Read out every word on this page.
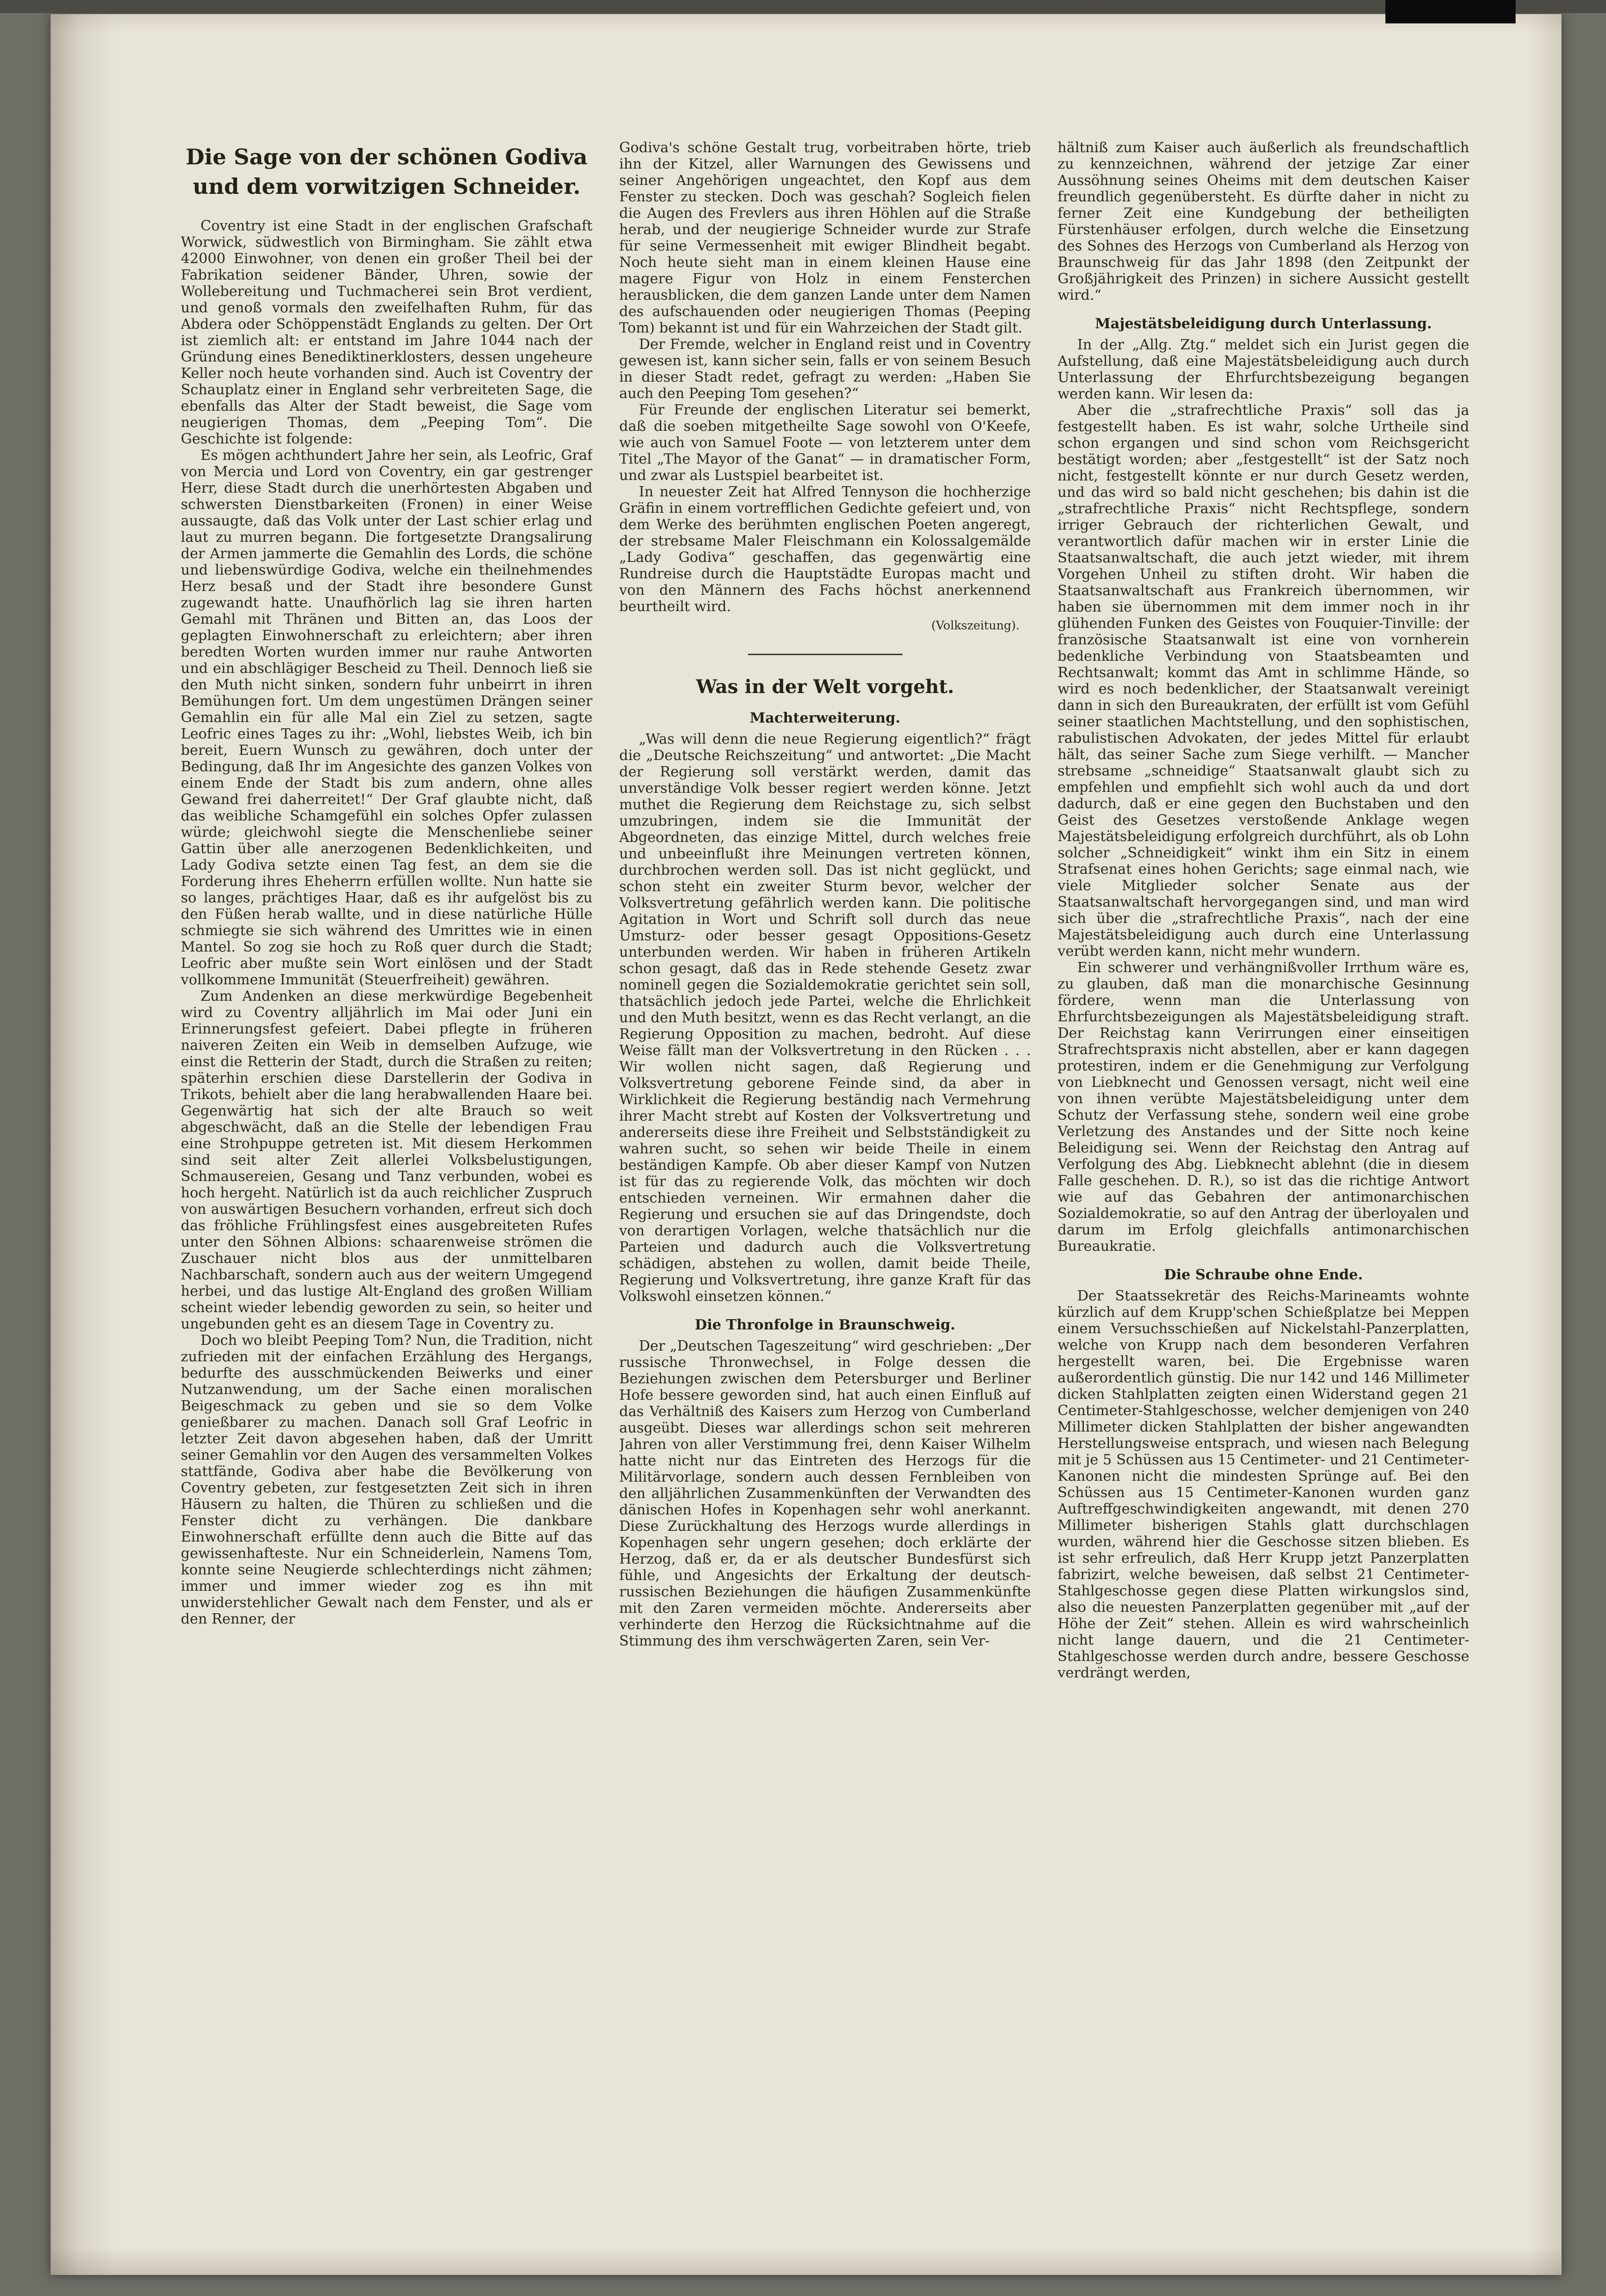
Die Sage von der schönen Godiva
und dem vorwitzigen Schneider.

Coventry ist eine Stadt in der englischen Grafschaft Worwick, südwestlich von Birmingham. Sie zählt etwa 42000 Einwohner, von denen ein großer Theil bei der Fabrikation seidener Bänder, Uhren, sowie der Wollebereitung und Tuchmacherei sein Brot verdient, und genoß vormals den zweifelhaften Ruhm, für das Abdera oder Schöppenstädt Englands zu gelten. Der Ort ist ziemlich alt: er entstand im Jahre 1044 nach der Gründung eines Benediktinerklosters, dessen ungeheure Keller noch heute vorhanden sind. Auch ist Coventry der Schauplatz einer in England sehr verbreiteten Sage, die ebenfalls das Alter der Stadt beweist, die Sage vom neugierigen Thomas, dem „Peeping Tom“. Die Geschichte ist folgende:

Es mögen achthundert Jahre her sein, als Leofric, Graf von Mercia und Lord von Coventry, ein gar gestrenger Herr, diese Stadt durch die unerhörtesten Abgaben und schwersten Dienstbarkeiten (Fronen) in einer Weise aussaugte, daß das Volk unter der Last schier erlag und laut zu murren begann. Die fortgesetzte Drangsalirung der Armen jammerte die Gemahlin des Lords, die schöne und liebenswürdige Godiva, welche ein theilnehmendes Herz besaß und der Stadt ihre besondere Gunst zugewandt hatte. Unaufhörlich lag sie ihren harten Gemahl mit Thränen und Bitten an, das Loos der geplagten Einwohnerschaft zu erleichtern; aber ihren beredten Worten wurden immer nur rauhe Antworten und ein abschlägiger Bescheid zu Theil. Dennoch ließ sie den Muth nicht sinken, sondern fuhr unbeirrt in ihren Bemühungen fort. Um dem ungestümen Drängen seiner Gemahlin ein für alle Mal ein Ziel zu setzen, sagte Leofric eines Tages zu ihr: „Wohl, liebstes Weib, ich bin bereit, Euern Wunsch zu gewähren, doch unter der Bedingung, daß Ihr im Angesichte des ganzen Volkes von einem Ende der Stadt bis zum andern, ohne alles Gewand frei daherreitet!“ Der Graf glaubte nicht, daß das weibliche Schamgefühl ein solches Opfer zulassen würde; gleichwohl siegte die Menschenliebe seiner Gattin über alle anerzogenen Bedenklichkeiten, und Lady Godiva setzte einen Tag fest, an dem sie die Forderung ihres Eheherrn erfüllen wollte. Nun hatte sie so langes, prächtiges Haar, daß es ihr aufgelöst bis zu den Füßen herab wallte, und in diese natürliche Hülle schmiegte sie sich während des Umrittes wie in einen Mantel. So zog sie hoch zu Roß quer durch die Stadt; Leofric aber mußte sein Wort einlösen und der Stadt vollkommene Immunität (Steuerfreiheit) gewähren.

Zum Andenken an diese merkwürdige Begebenheit wird zu Coventry alljährlich im Mai oder Juni ein Erinnerungsfest gefeiert. Dabei pflegte in früheren naiveren Zeiten ein Weib in demselben Aufzuge, wie einst die Retterin der Stadt, durch die Straßen zu reiten; späterhin erschien diese Darstellerin der Godiva in Trikots, behielt aber die lang herabwallenden Haare bei. Gegenwärtig hat sich der alte Brauch so weit abgeschwächt, daß an die Stelle der lebendigen Frau eine Strohpuppe getreten ist. Mit diesem Herkommen sind seit alter Zeit allerlei Volksbelustigungen, Schmausereien, Gesang und Tanz verbunden, wobei es hoch hergeht. Natürlich ist da auch reichlicher Zuspruch von auswärtigen Besuchern vorhanden, erfreut sich doch das fröhliche Frühlingsfest eines ausgebreiteten Rufes unter den Söhnen Albions: schaarenweise strömen die Zuschauer nicht blos aus der unmittelbaren Nachbarschaft, sondern auch aus der weitern Umgegend herbei, und das lustige Alt-England des großen William scheint wieder lebendig geworden zu sein, so heiter und ungebunden geht es an diesem Tage in Coventry zu.

Doch wo bleibt Peeping Tom? Nun, die Tradition, nicht zufrieden mit der einfachen Erzählung des Hergangs, bedurfte des ausschmückenden Beiwerks und einer Nutzanwendung, um der Sache einen moralischen Beigeschmack zu geben und sie so dem Volke genießbarer zu machen. Danach soll Graf Leofric in letzter Zeit davon abgesehen haben, daß der Umritt seiner Gemahlin vor den Augen des versammelten Volkes stattfände, Godiva aber habe die Bevölkerung von Coventry gebeten, zur festgesetzten Zeit sich in ihren Häusern zu halten, die Thüren zu schließen und die Fenster dicht zu verhängen. Die dankbare Einwohnerschaft erfüllte denn auch die Bitte auf das gewissenhafteste. Nur ein Schneiderlein, Namens Tom, konnte seine Neugierde schlechterdings nicht zähmen; immer und immer wieder zog es ihn mit unwiderstehlicher Gewalt nach dem Fenster, und als er den Renner, der

Godiva's schöne Gestalt trug, vorbeitraben hörte, trieb ihn der Kitzel, aller Warnungen des Gewissens und seiner Angehörigen ungeachtet, den Kopf aus dem Fenster zu stecken. Doch was geschah? Sogleich fielen die Augen des Frevlers aus ihren Höhlen auf die Straße herab, und der neugierige Schneider wurde zur Strafe für seine Vermessenheit mit ewiger Blindheit begabt. Noch heute sieht man in einem kleinen Hause eine magere Figur von Holz in einem Fensterchen herausblicken, die dem ganzen Lande unter dem Namen des aufschauenden oder neugierigen Thomas (Peeping Tom) bekannt ist und für ein Wahrzeichen der Stadt gilt.

Der Fremde, welcher in England reist und in Coventry gewesen ist, kann sicher sein, falls er von seinem Besuch in dieser Stadt redet, gefragt zu werden: „Haben Sie auch den Peeping Tom gesehen?“

Für Freunde der englischen Literatur sei bemerkt, daß die soeben mitgetheilte Sage sowohl von O'Keefe, wie auch von Samuel Foote — von letzterem unter dem Titel „The Mayor of the Ganat“ — in dramatischer Form, und zwar als Lustspiel bearbeitet ist.

In neuester Zeit hat Alfred Tennyson die hochherzige Gräfin in einem vortrefflichen Gedichte gefeiert und, von dem Werke des berühmten englischen Poeten angeregt, der strebsame Maler Fleischmann ein Kolossalgemälde „Lady Godiva“ geschaffen, das gegenwärtig eine Rundreise durch die Hauptstädte Europas macht und von den Männern des Fachs höchst anerkennend beurtheilt wird.

(Volkszeitung).
Was in der Welt vorgeht.
Machterweiterung.

„Was will denn die neue Regierung eigentlich?“ frägt die „Deutsche Reichszeitung“ und antwortet: „Die Macht der Regierung soll verstärkt werden, damit das unverständige Volk besser regiert werden könne. Jetzt muthet die Regierung dem Reichstage zu, sich selbst umzubringen, indem sie die Immunität der Abgeordneten, das einzige Mittel, durch welches freie und unbeeinflußt ihre Meinungen vertreten können, durchbrochen werden soll. Das ist nicht geglückt, und schon steht ein zweiter Sturm bevor, welcher der Volksvertretung gefährlich werden kann. Die politische Agitation in Wort und Schrift soll durch das neue Umsturz- oder besser gesagt Oppositions-Gesetz unterbunden werden. Wir haben in früheren Artikeln schon gesagt, daß das in Rede stehende Gesetz zwar nominell gegen die Sozialdemokratie gerichtet sein soll, thatsächlich jedoch jede Partei, welche die Ehrlichkeit und den Muth besitzt, wenn es das Recht verlangt, an die Regierung Opposition zu machen, bedroht. Auf diese Weise fällt man der Volksvertretung in den Rücken . . . Wir wollen nicht sagen, daß Regierung und Volksvertretung geborene Feinde sind, da aber in Wirklichkeit die Regierung beständig nach Vermehrung ihrer Macht strebt auf Kosten der Volksvertretung und andererseits diese ihre Freiheit und Selbstständigkeit zu wahren sucht, so sehen wir beide Theile in einem beständigen Kampfe. Ob aber dieser Kampf von Nutzen ist für das zu regierende Volk, das möchten wir doch entschieden verneinen. Wir ermahnen daher die Regierung und ersuchen sie auf das Dringendste, doch von derartigen Vorlagen, welche thatsächlich nur die Parteien und dadurch auch die Volksvertretung schädigen, abstehen zu wollen, damit beide Theile, Regierung und Volksvertretung, ihre ganze Kraft für das Volkswohl einsetzen können.“

Die Thronfolge in Braunschweig.

Der „Deutschen Tageszeitung“ wird geschrieben: „Der russische Thronwechsel, in Folge dessen die Beziehungen zwischen dem Petersburger und Berliner Hofe bessere geworden sind, hat auch einen Einfluß auf das Verhältniß des Kaisers zum Herzog von Cumberland ausgeübt. Dieses war allerdings schon seit mehreren Jahren von aller Verstimmung frei, denn Kaiser Wilhelm hatte nicht nur das Eintreten des Herzogs für die Militärvorlage, sondern auch dessen Fernbleiben von den alljährlichen Zusammenkünften der Verwandten des dänischen Hofes in Kopenhagen sehr wohl anerkannt. Diese Zurückhaltung des Herzogs wurde allerdings in Kopenhagen sehr ungern gesehen; doch erklärte der Herzog, daß er, da er als deutscher Bundesfürst sich fühle, und Angesichts der Erkaltung der deutsch-russischen Beziehungen die häufigen Zusammenkünfte mit den Zaren vermeiden möchte. Andererseits aber verhinderte den Herzog die Rücksichtnahme auf die Stimmung des ihm verschwägerten Zaren, sein Ver-

hältniß zum Kaiser auch äußerlich als freundschaftlich zu kennzeichnen, während der jetzige Zar einer Aussöhnung seines Oheims mit dem deutschen Kaiser freundlich gegenübersteht. Es dürfte daher in nicht zu ferner Zeit eine Kundgebung der betheiligten Fürstenhäuser erfolgen, durch welche die Einsetzung des Sohnes des Herzogs von Cumberland als Herzog von Braunschweig für das Jahr 1898 (den Zeitpunkt der Großjährigkeit des Prinzen) in sichere Aussicht gestellt wird.“

Majestätsbeleidigung durch Unterlassung.

In der „Allg. Ztg.“ meldet sich ein Jurist gegen die Aufstellung, daß eine Majestätsbeleidigung auch durch Unterlassung der Ehrfurchtsbezeigung begangen werden kann. Wir lesen da:

Aber die „strafrechtliche Praxis“ soll das ja festgestellt haben. Es ist wahr, solche Urtheile sind schon ergangen und sind schon vom Reichsgericht bestätigt worden; aber „festgestellt“ ist der Satz noch nicht, festgestellt könnte er nur durch Gesetz werden, und das wird so bald nicht geschehen; bis dahin ist die „strafrechtliche Praxis“ nicht Rechtspflege, sondern irriger Gebrauch der richterlichen Gewalt, und verantwortlich dafür machen wir in erster Linie die Staatsanwaltschaft, die auch jetzt wieder, mit ihrem Vorgehen Unheil zu stiften droht. Wir haben die Staatsanwaltschaft aus Frankreich übernommen, wir haben sie übernommen mit dem immer noch in ihr glühenden Funken des Geistes von Fouquier-Tinville: der französische Staatsanwalt ist eine von vornherein bedenkliche Verbindung von Staatsbeamten und Rechtsanwalt; kommt das Amt in schlimme Hände, so wird es noch bedenklicher, der Staatsanwalt vereinigt dann in sich den Bureaukraten, der erfüllt ist vom Gefühl seiner staatlichen Machtstellung, und den sophistischen, rabulistischen Advokaten, der jedes Mittel für erlaubt hält, das seiner Sache zum Siege verhilft. — Mancher strebsame „schneidige“ Staatsanwalt glaubt sich zu empfehlen und empfiehlt sich wohl auch da und dort dadurch, daß er eine gegen den Buchstaben und den Geist des Gesetzes verstoßende Anklage wegen Majestätsbeleidigung erfolgreich durchführt, als ob Lohn solcher „Schneidigkeit“ winkt ihm ein Sitz in einem Strafsenat eines hohen Gerichts; sage einmal nach, wie viele Mitglieder solcher Senate aus der Staatsanwaltschaft hervorgegangen sind, und man wird sich über die „strafrechtliche Praxis“, nach der eine Majestätsbeleidigung auch durch eine Unterlassung verübt werden kann, nicht mehr wundern.

Ein schwerer und verhängnißvoller Irrthum wäre es, zu glauben, daß man die monarchische Gesinnung fördere, wenn man die Unterlassung von Ehrfurchtsbezeigungen als Majestätsbeleidigung straft. Der Reichstag kann Verirrungen einer einseitigen Strafrechtspraxis nicht abstellen, aber er kann dagegen protestiren, indem er die Genehmigung zur Verfolgung von Liebknecht und Genossen versagt, nicht weil eine von ihnen verübte Majestätsbeleidigung unter dem Schutz der Verfassung stehe, sondern weil eine grobe Verletzung des Anstandes und der Sitte noch keine Beleidigung sei. Wenn der Reichstag den Antrag auf Verfolgung des Abg. Liebknecht ablehnt (die in diesem Falle geschehen. D. R.), so ist das die richtige Antwort wie auf das Gebahren der antimonarchischen Sozialdemokratie, so auf den Antrag der überloyalen und darum im Erfolg gleichfalls antimonarchischen Bureaukratie.

Die Schraube ohne Ende.

Der Staatssekretär des Reichs-Marineamts wohnte kürzlich auf dem Krupp'schen Schießplatze bei Meppen einem Versuchsschießen auf Nickelstahl-Panzerplatten, welche von Krupp nach dem besonderen Verfahren hergestellt waren, bei. Die Ergebnisse waren außerordentlich günstig. Die nur 142 und 146 Millimeter dicken Stahlplatten zeigten einen Widerstand gegen 21 Centimeter-Stahlgeschosse, welcher demjenigen von 240 Millimeter dicken Stahlplatten der bisher angewandten Herstellungsweise entsprach, und wiesen nach Belegung mit je 5 Schüssen aus 15 Centimeter- und 21 Centimeter-Kanonen nicht die mindesten Sprünge auf. Bei den Schüssen aus 15 Centimeter-Kanonen wurden ganz Auftreffgeschwindigkeiten angewandt, mit denen 270 Millimeter bisherigen Stahls glatt durchschlagen wurden, während hier die Geschosse sitzen blieben. Es ist sehr erfreulich, daß Herr Krupp jetzt Panzerplatten fabrizirt, welche beweisen, daß selbst 21 Centimeter-Stahlgeschosse gegen diese Platten wirkungslos sind, also die neuesten Panzerplatten gegenüber mit „auf der Höhe der Zeit“ stehen. Allein es wird wahrscheinlich nicht lange dauern, und die 21 Centimeter-Stahlgeschosse werden durch andre, bessere Geschosse verdrängt werden,
